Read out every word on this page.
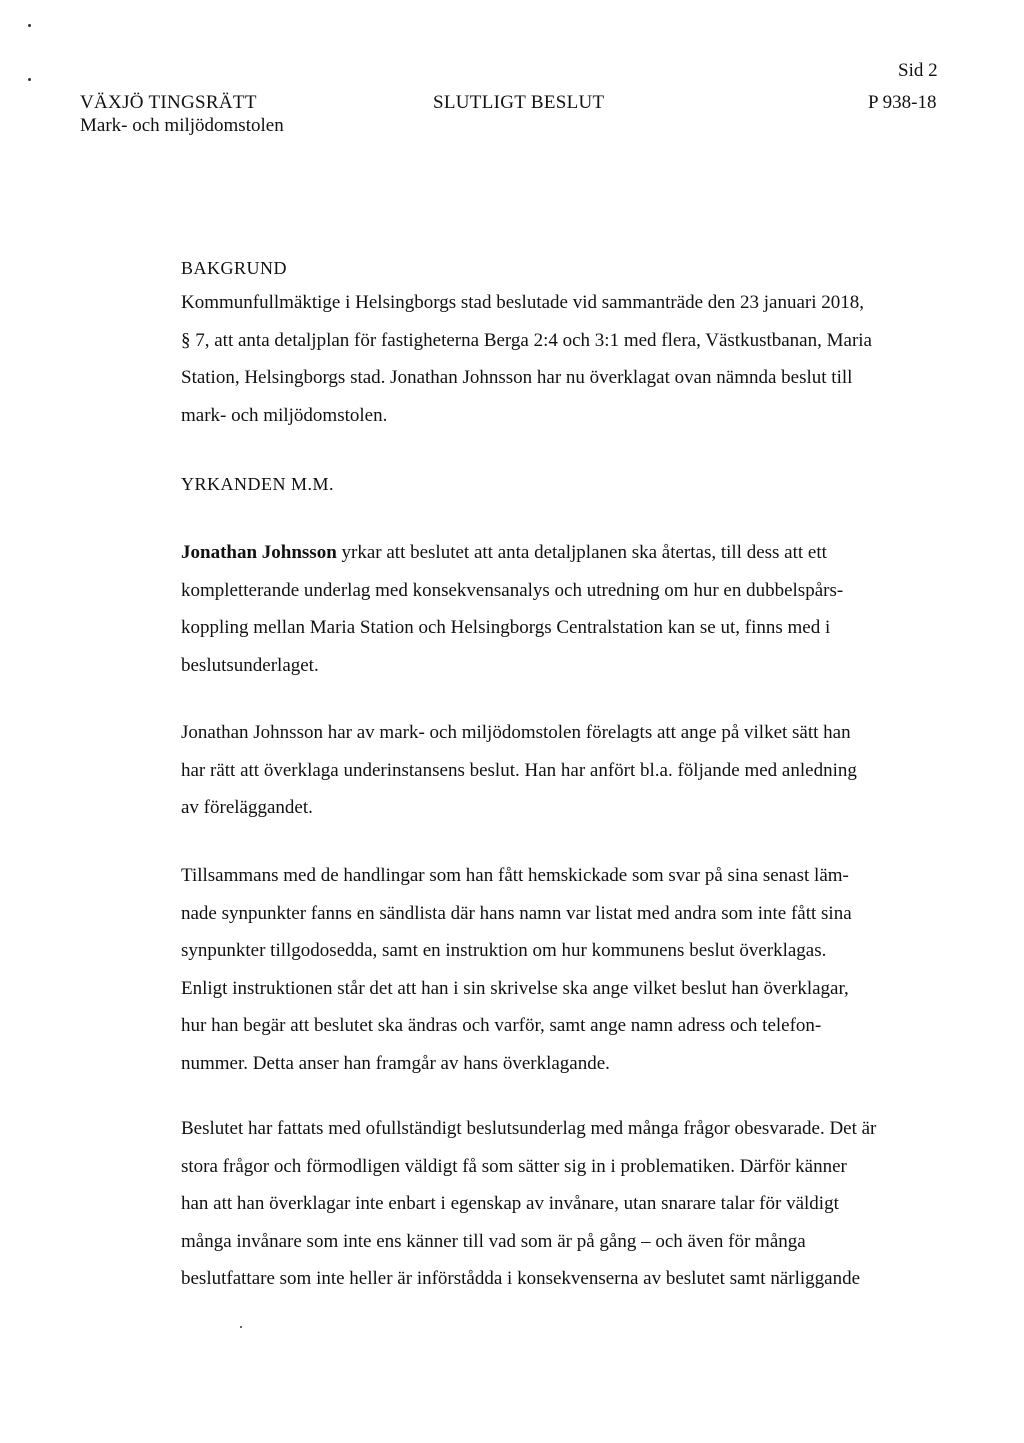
VÄXJÖ TINGSRÄTT
Mark- och miljödomstolen
SLUTLIGT BESLUT
Sid 2
P 938-18
BAKGRUND
Kommunfullmäktige i Helsingborgs stad beslutade vid sammanträde den 23 januari 2018,
§ 7, att anta detaljplan för fastigheterna Berga 2:4 och 3:1 med flera, Västkustbanan, Maria
Station, Helsingborgs stad. Jonathan Johnsson har nu överklagat ovan nämnda beslut till
mark- och miljödomstolen.
YRKANDEN M.M.
Jonathan Johnsson yrkar att beslutet att anta detaljplanen ska återtas, till dess att ett
kompletterande underlag med konsekvensanalys och utredning om hur en dubbelspårs-
koppling mellan Maria Station och Helsingborgs Centralstation kan se ut, finns med i
beslutsunderlaget.
Jonathan Johnsson har av mark- och miljödomstolen förelagts att ange på vilket sätt han
har rätt att överklaga underinstansens beslut. Han har anfört bl.a. följande med anledning
av föreläggandet.
Tillsammans med de handlingar som han fått hemskickade som svar på sina senast läm-
nade synpunkter fanns en sändlista där hans namn var listat med andra som inte fått sina
synpunkter tillgodosedda, samt en instruktion om hur kommunens beslut överklagas.
Enligt instruktionen står det att han i sin skrivelse ska ange vilket beslut han överklagar,
hur han begär att beslutet ska ändras och varför, samt ange namn adress och telefon-
nummer. Detta anser han framgår av hans överklagande.
Beslutet har fattats med ofullständigt beslutsunderlag med många frågor obesvarade. Det är
stora frågor och förmodligen väldigt få som sätter sig in i problematiken. Därför känner
han att han överklagar inte enbart i egenskap av invånare, utan snarare talar för väldigt
många invånare som inte ens känner till vad som är på gång – och även för många
beslutfattare som inte heller är införstådda i konsekvenserna av beslutet samt närliggande
